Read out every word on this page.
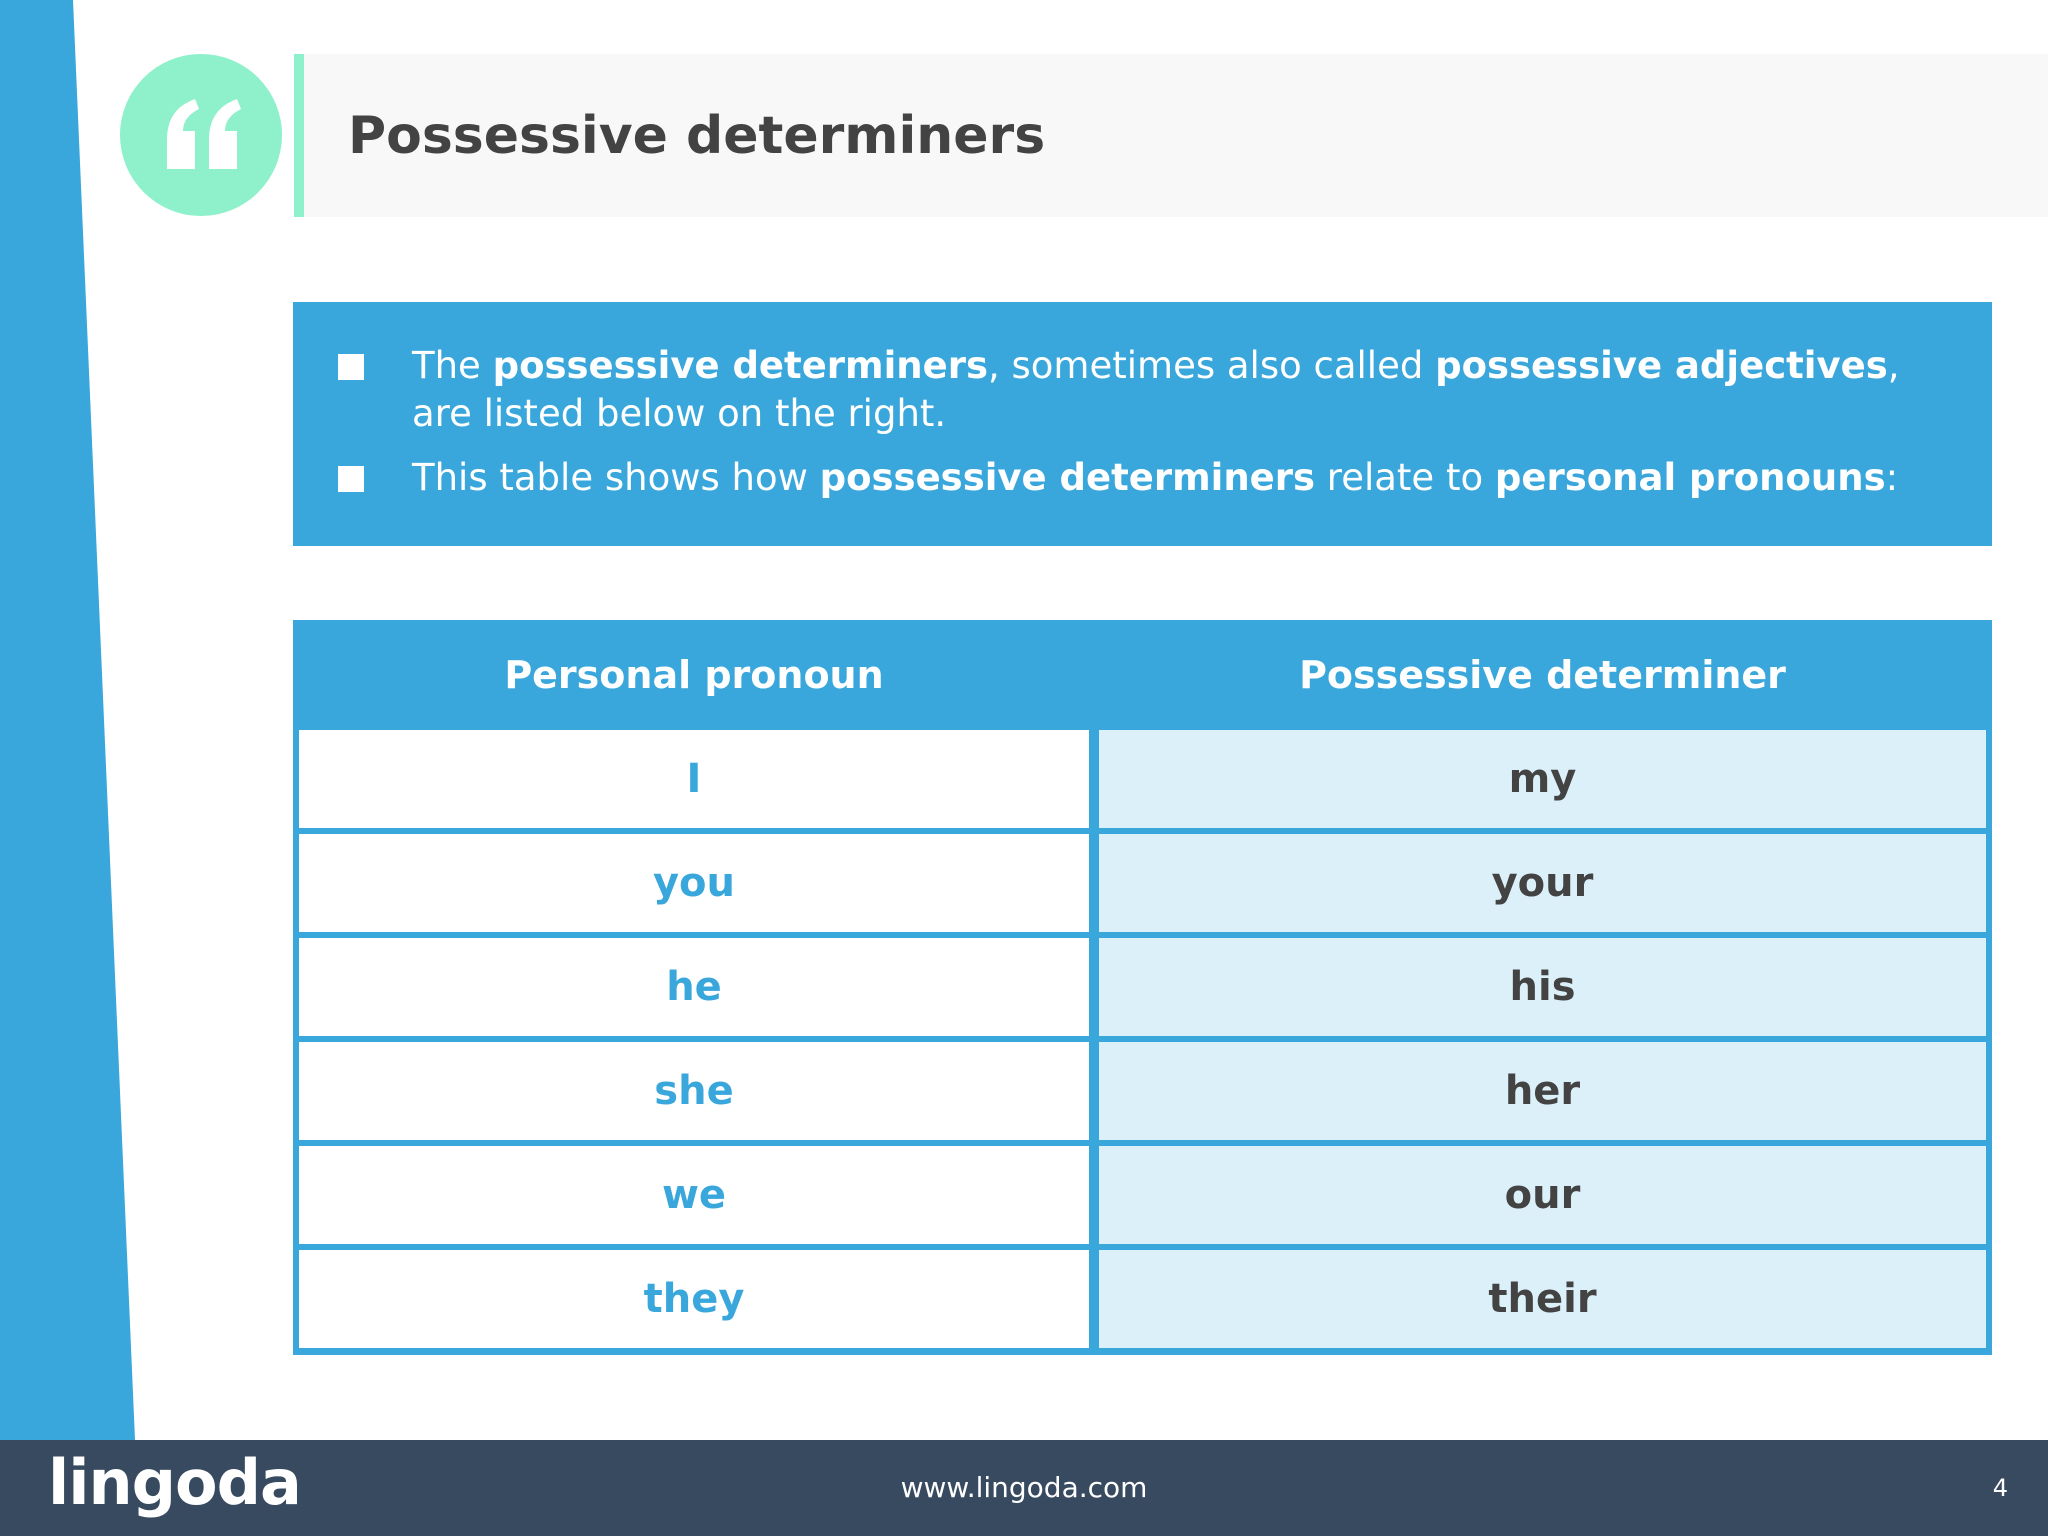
Possessive determiners
The possessive determiners, sometimes also called possessive adjectives, are listed below on the right.
This table shows how possessive determiners relate to personal pronouns:
Personal pronoun	Possessive determiner
I	my
you	your
he	his
she	her
we	our
they	their
lingoda	www.lingoda.com	4
